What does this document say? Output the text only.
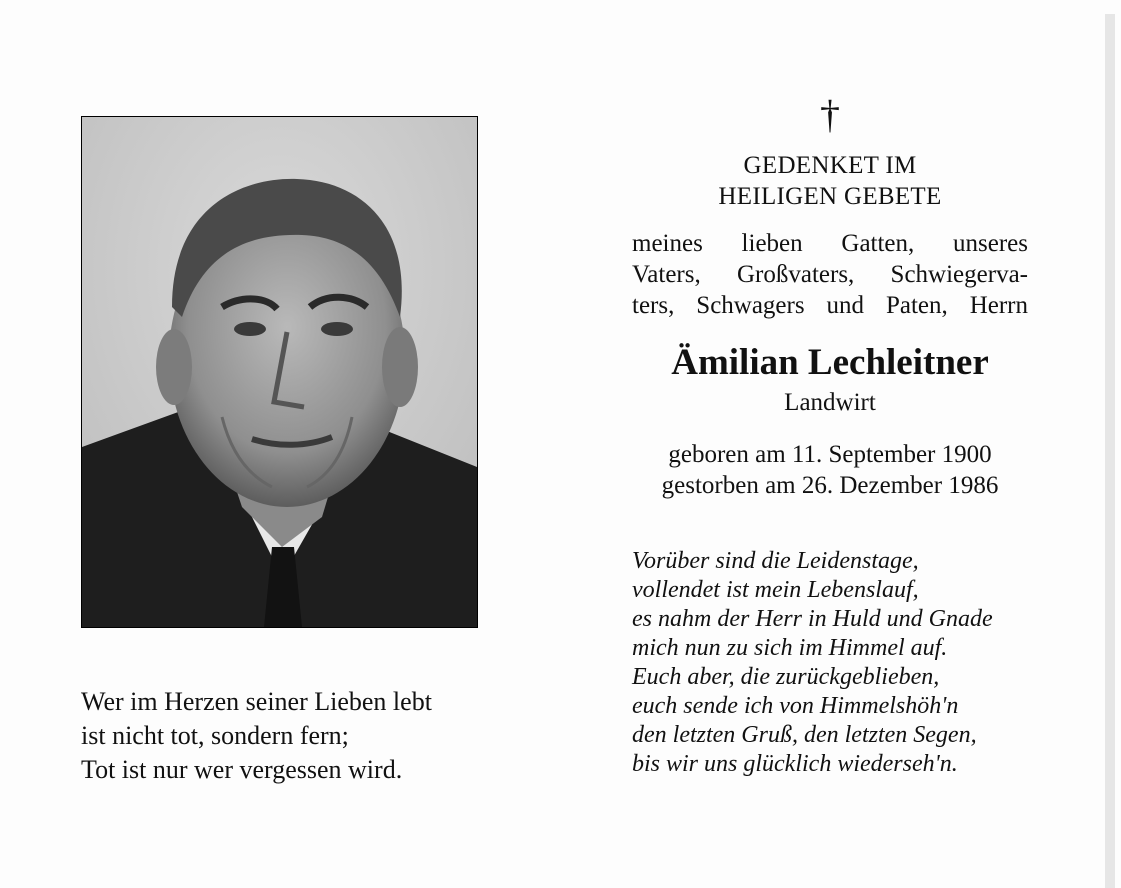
Wer im Herzen seiner Lieben lebt
ist nicht tot, sondern fern;
Tot ist nur wer vergessen wird.
†
GEDENKET IM
HEILIGEN GEBETE
meines lieben Gatten, unseres
Vaters, Großvaters, Schwiegerva-
ters, Schwagers und Paten, Herrn
Ämilian Lechleitner
Landwirt
geboren am 11. September 1900
gestorben am 26. Dezember 1986
Vorüber sind die Leidenstage,
vollendet ist mein Lebenslauf,
es nahm der Herr in Huld und Gnade
mich nun zu sich im Himmel auf.
Euch aber, die zurückgeblieben,
euch sende ich von Himmelshöh'n
den letzten Gruß, den letzten Segen,
bis wir uns glücklich wiederseh'n.
